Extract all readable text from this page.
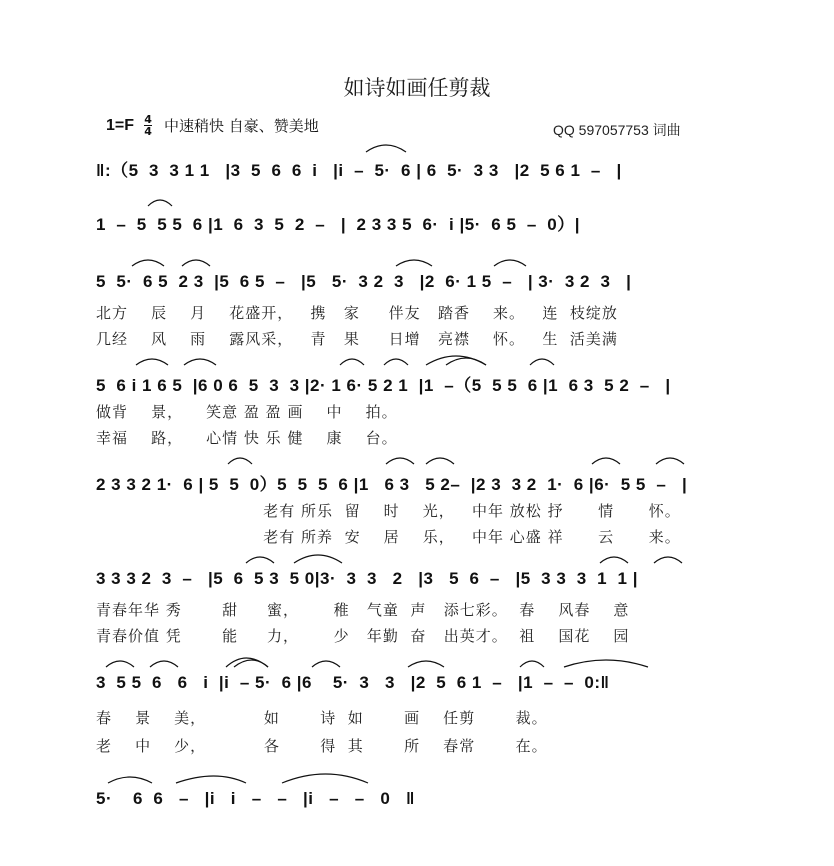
如诗如画任剪裁
$1=F \frac{4}{4}$ 中速稍快 自豪、赞美地	QQ 597057753 词曲
‖:（5  3  3 1 1   |3  5  6  6  i   |i  –  5·  6 | 6  5·  3 3   |2  5 6 1  –   |
1  –  5  5 5  6 |1  6  3  5  2  –   |  2 3 3 5  6·  i |5·  6 5  –  0）|
5  5·  6 5  2 3  |5  6 5  –   |5   5·  3 2  3   |2  6· 1 5  –   | 3·  3 2  3   |
北方    辰    月    花盛开，   携   家     伴友   踏香    来。   连  枝绽放
几经    风    雨    露风采，   青   果     日增   亮襟    怀。   生  活美满
5  6 i 1 6 5  |6 0 6  5  3  3 |2· 1 6· 5 2 1  |1  –（5  5 5  6 |1  6 3  5 2  –   |
做背    景，    笑意 盈 盈 画    中    拍。
幸福    路，    心情 快 乐 健    康    台。
2 3 3 2 1·  6 | 5  5  0）5  5  5  6 |1   6 3   5 2–  |2 3  3 2  1·  6 |6·  5 5  –   |
老有 所乐  留    时    光，   中年 放松 抒      情      怀。
老有 所养  安    居    乐，   中年 心盛 祥      云      来。
3 3 3 2  3  –   |5  6  5 3  5 0|3·  3  3   2   |3   5  6  –   |5  3 3  3  1  1 |
青春年华 秀       甜     蜜，      稚   气童  声   添七彩。  春    风春    意
青春价值 凭       能     力，      少   年勤  奋   出英才。  祖    国花    园
3  5 5  6   6   i  |i  – 5·  6 |6    5·  3   3   |2  5  6 1  –   |1  –  –  0:‖
春    景    美，          如       诗  如       画    任剪       裁。
老    中    少，          各       得  其       所    春常       在。
5·    6  6   –   |i   i   –   –   |i   –   –   0   ‖
